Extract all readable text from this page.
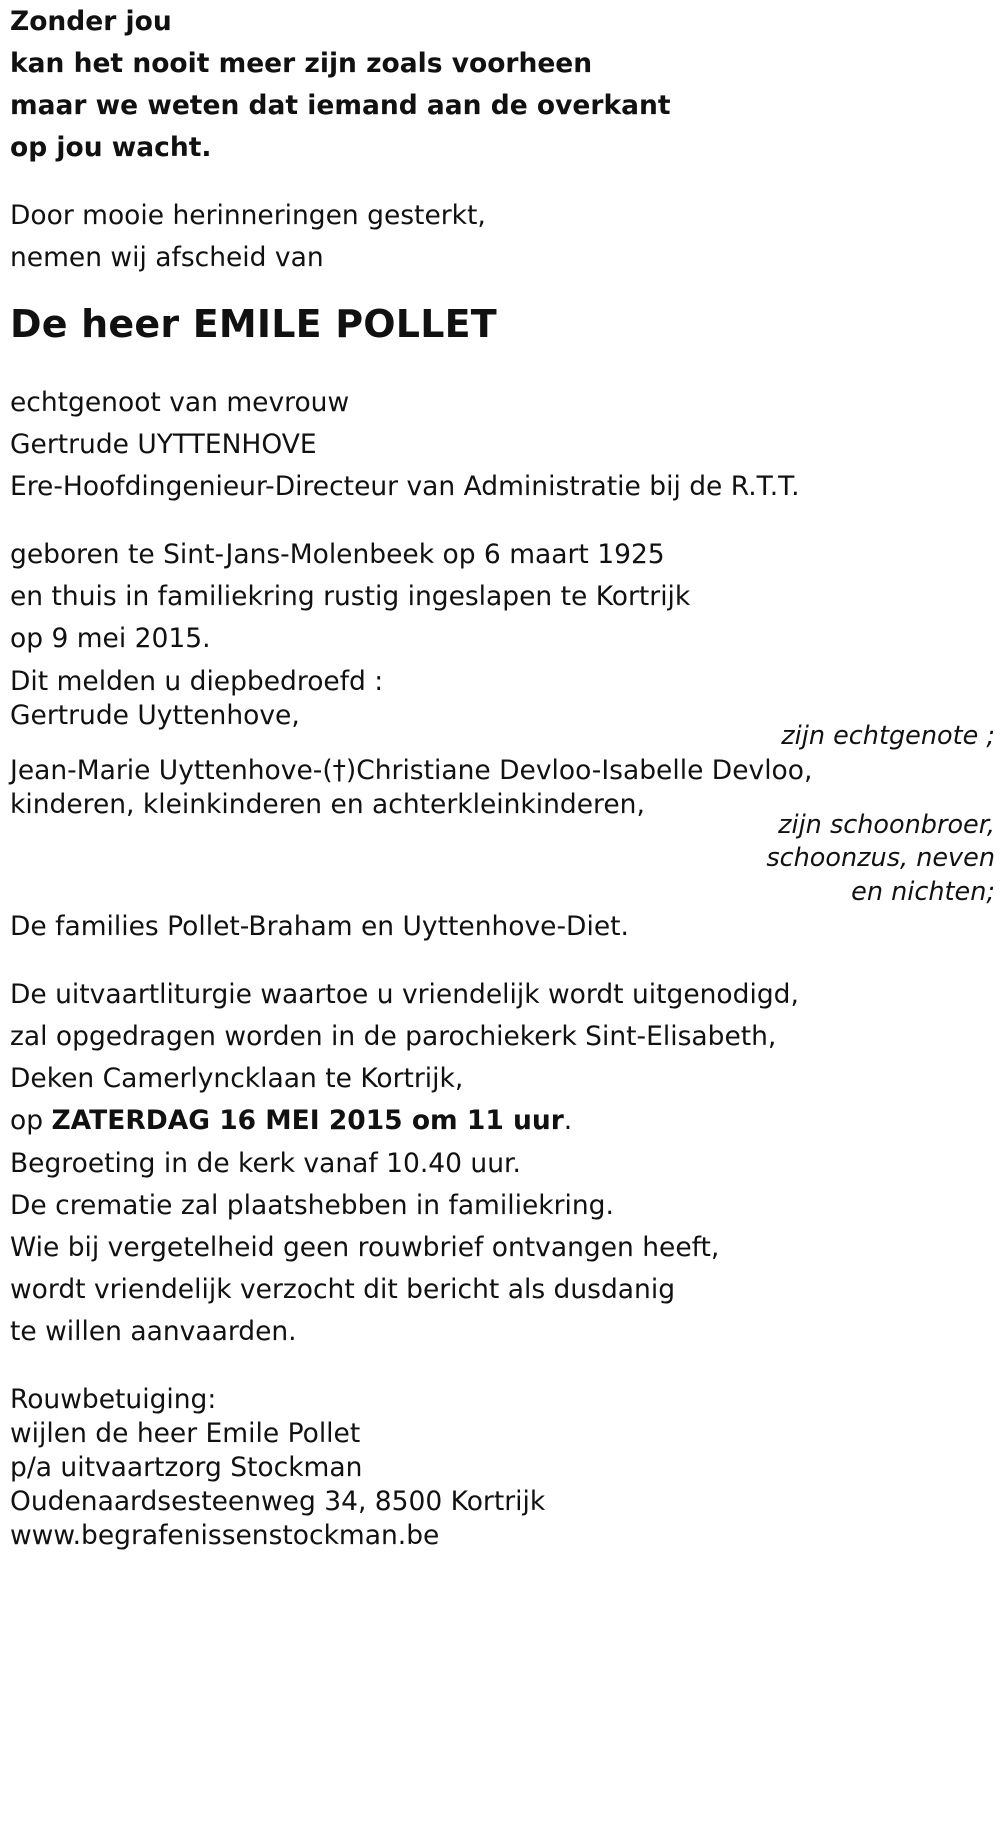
Zonder jou
kan het nooit meer zijn zoals voorheen
maar we weten dat iemand aan de overkant
op jou wacht.
Door mooie herinneringen gesterkt,
nemen wij afscheid van
De heer EMILE POLLET
echtgenoot van mevrouw
Gertrude UYTTENHOVE
Ere-Hoofdingenieur-Directeur van Administratie bij de R.T.T.
geboren te Sint-Jans-Molenbeek op 6 maart 1925
en thuis in familiekring rustig ingeslapen te Kortrijk
op 9 mei 2015.
Dit melden u diepbedroefd :
Gertrude Uyttenhove,
zijn echtgenote ;
Jean-Marie Uyttenhove-(†)Christiane Devloo-Isabelle Devloo,
kinderen, kleinkinderen en achterkleinkinderen,
zijn schoonbroer,
schoonzus, neven
en nichten;
De families Pollet-Braham en Uyttenhove-Diet.
De uitvaartliturgie waartoe u vriendelijk wordt uitgenodigd,
zal opgedragen worden in de parochiekerk Sint-Elisabeth,
Deken Camerlyncklaan te Kortrijk,
op ZATERDAG 16 MEI 2015 om 11 uur.
Begroeting in de kerk vanaf 10.40 uur.
De crematie zal plaatshebben in familiekring.
Wie bij vergetelheid geen rouwbrief ontvangen heeft,
wordt vriendelijk verzocht dit bericht als dusdanig
te willen aanvaarden.
Rouwbetuiging:
wijlen de heer Emile Pollet
p/a uitvaartzorg Stockman
Oudenaardsesteenweg 34, 8500 Kortrijk
www.begrafenissenstockman.be
